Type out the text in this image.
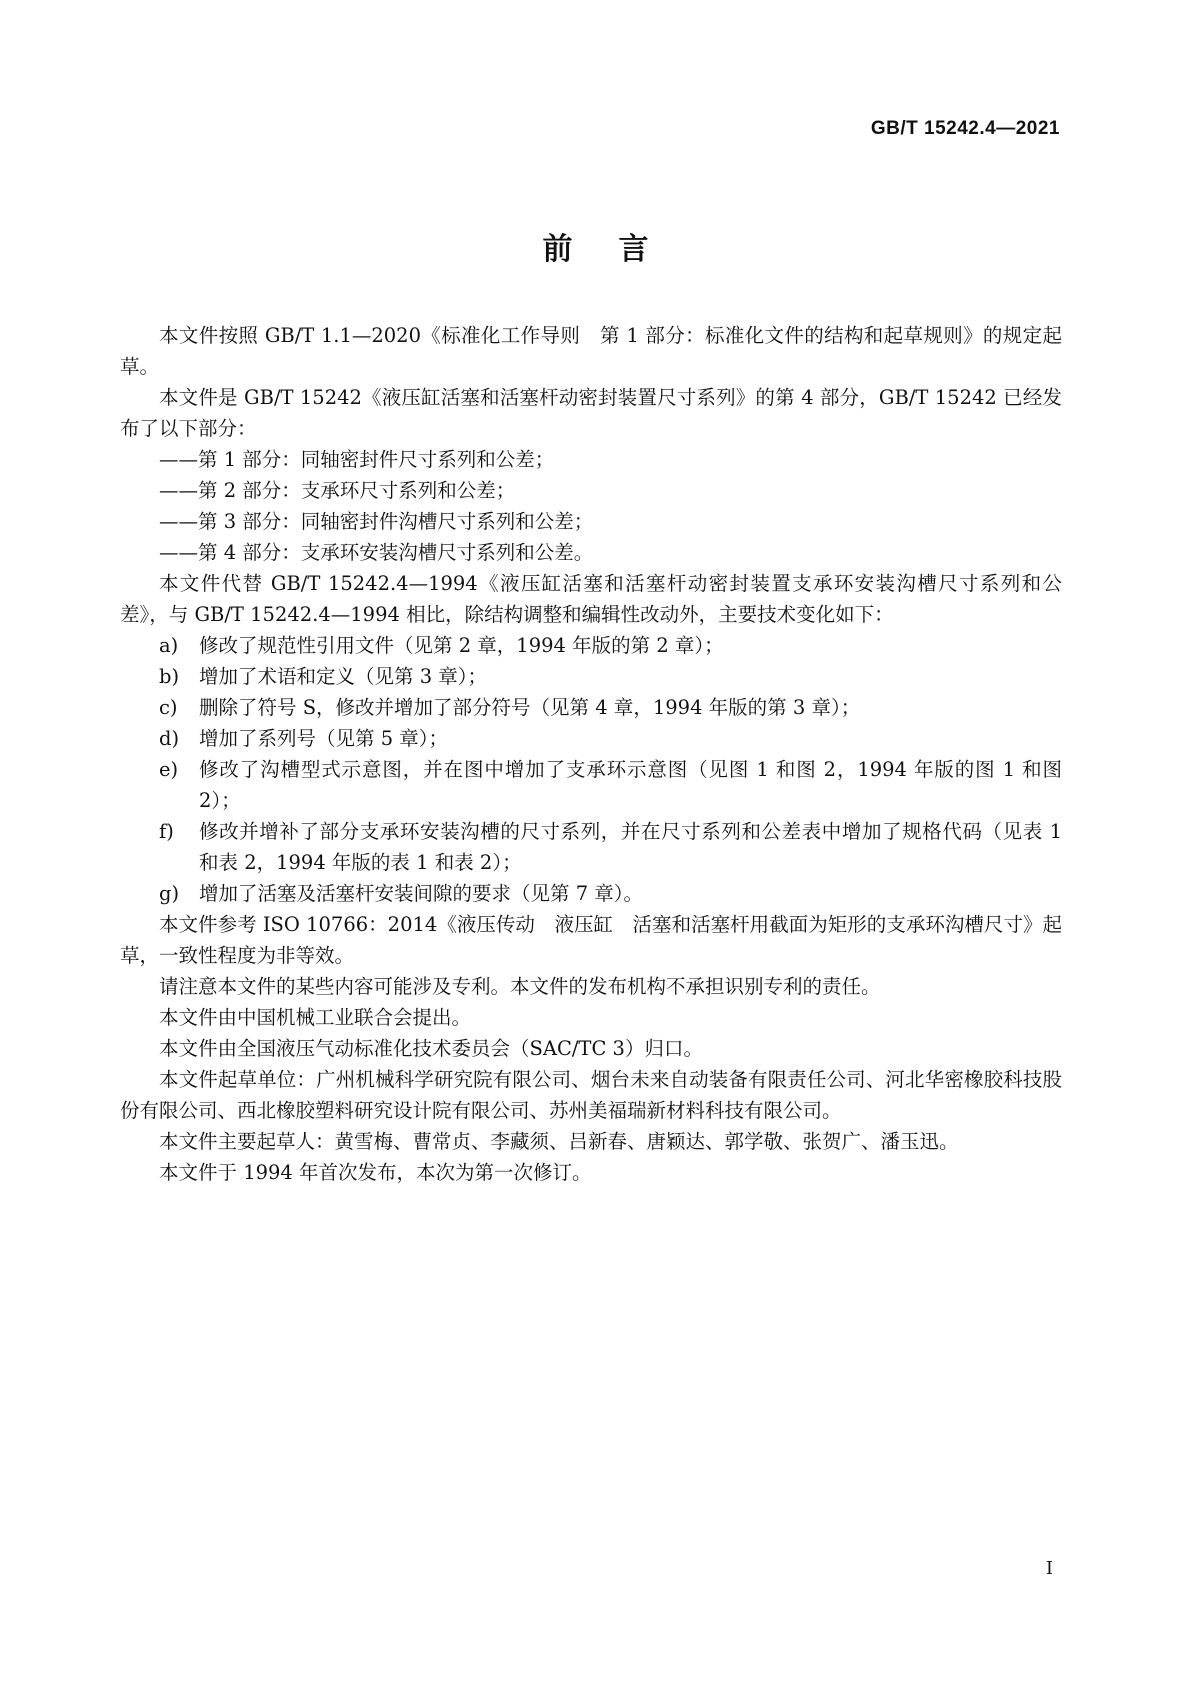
GB/T 15242.4—2021
前言

本文件按照 GB/T 1.1—2020《标准化工作导则　第 1 部分：标准化文件的结构和起草规则》的规定起草。

本文件是 GB/T 15242《液压缸活塞和活塞杆动密封装置尺寸系列》的第 4 部分，GB/T 15242 已经发布了以下部分：

——第 1 部分：同轴密封件尺寸系列和公差；

——第 2 部分：支承环尺寸系列和公差；

——第 3 部分：同轴密封件沟槽尺寸系列和公差；

——第 4 部分：支承环安装沟槽尺寸系列和公差。

本文件代替 GB/T 15242.4—1994《液压缸活塞和活塞杆动密封装置支承环安装沟槽尺寸系列和公差》，与 GB/T 15242.4—1994 相比，除结构调整和编辑性改动外，主要技术变化如下：

a)	修改了规范性引用文件（见第 2 章，1994 年版的第 2 章）；
b)	增加了术语和定义（见第 3 章）；
c)	删除了符号 S，修改并增加了部分符号（见第 4 章，1994 年版的第 3 章）；
d)	增加了系列号（见第 5 章）；
e)	修改了沟槽型式示意图，并在图中增加了支承环示意图（见图 1 和图 2，1994 年版的图 1 和图 2）；
f)	修改并增补了部分支承环安装沟槽的尺寸系列，并在尺寸系列和公差表中增加了规格代码（见表 1 和表 2，1994 年版的表 1 和表 2）；
g)	增加了活塞及活塞杆安装间隙的要求（见第 7 章）。

本文件参考 ISO 10766：2014《液压传动　液压缸　活塞和活塞杆用截面为矩形的支承环沟槽尺寸》起草，一致性程度为非等效。

请注意本文件的某些内容可能涉及专利。本文件的发布机构不承担识别专利的责任。

本文件由中国机械工业联合会提出。

本文件由全国液压气动标准化技术委员会（SAC/TC 3）归口。

本文件起草单位：广州机械科学研究院有限公司、烟台未来自动装备有限责任公司、河北华密橡胶科技股份有限公司、西北橡胶塑料研究设计院有限公司、苏州美福瑞新材料科技有限公司。

本文件主要起草人：黄雪梅、曹常贞、李藏须、吕新春、唐颖达、郭学敬、张贺广、潘玉迅。

本文件于 1994 年首次发布，本次为第一次修订。

I
